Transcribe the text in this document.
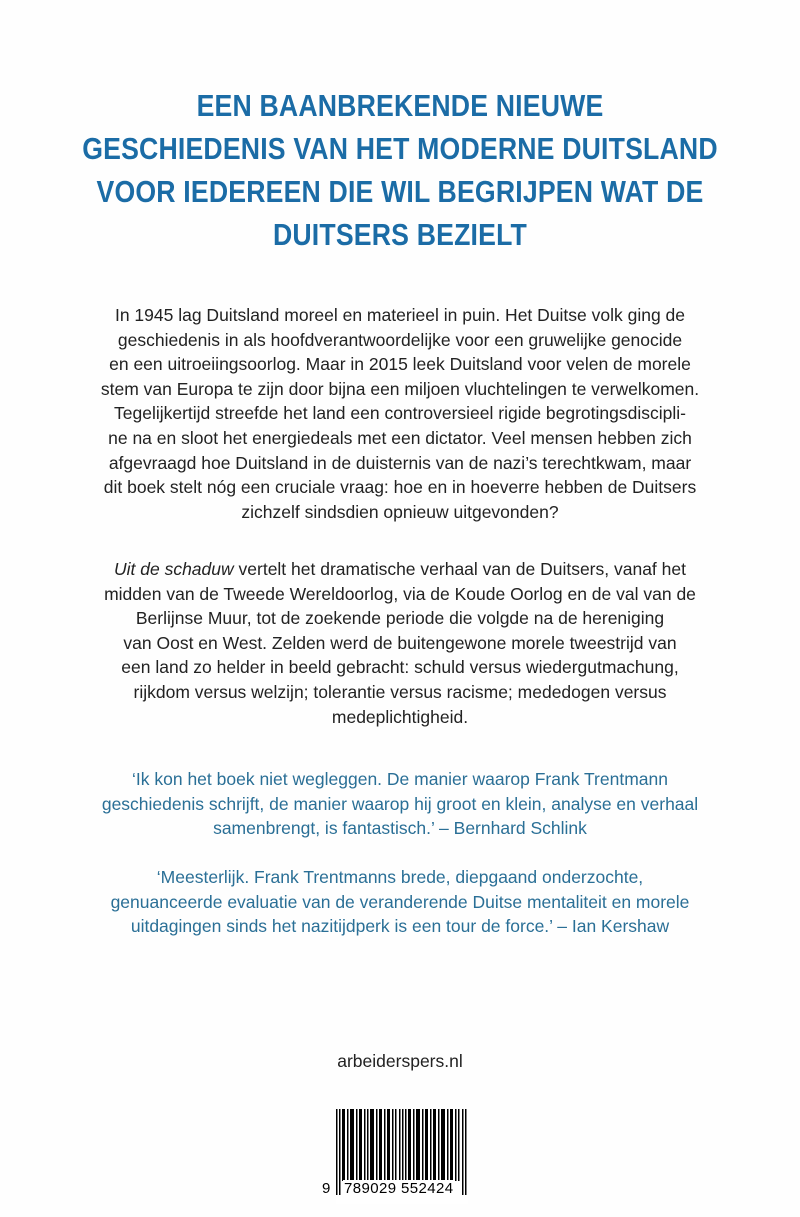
EEN BAANBREKENDE NIEUWE
GESCHIEDENIS VAN HET MODERNE DUITSLAND
VOOR IEDEREEN DIE WIL BEGRIJPEN WAT DE
DUITSERS BEZIELT
In 1945 lag Duitsland moreel en materieel in puin. Het Duitse volk ging de
geschiedenis in als hoofdverantwoordelijke voor een gruwelijke genocide
en een uitroeiingsoorlog. Maar in 2015 leek Duitsland voor velen de morele
stem van Europa te zijn door bijna een miljoen vluchtelingen te verwelkomen.
Tegelijkertijd streefde het land een controversieel rigide begrotingsdiscipli-
ne na en sloot het energiedeals met een dictator. Veel mensen hebben zich
afgevraagd hoe Duitsland in de duisternis van de nazi’s terechtkwam, maar
dit boek stelt nóg een cruciale vraag: hoe en in hoeverre hebben de Duitsers
zichzelf sindsdien opnieuw uitgevonden?
Uit de schaduw vertelt het dramatische verhaal van de Duitsers, vanaf het
midden van de Tweede Wereldoorlog, via de Koude Oorlog en de val van de
Berlijnse Muur, tot de zoekende periode die volgde na de hereniging
van Oost en West. Zelden werd de buitengewone morele tweestrijd van
een land zo helder in beeld gebracht: schuld versus wiedergutmachung,
rijkdom versus welzijn; tolerantie versus racisme; mededogen versus
medeplichtigheid.
‘Ik kon het boek niet wegleggen. De manier waarop Frank Trentmann
geschiedenis schrijft, de manier waarop hij groot en klein, analyse en verhaal
samenbrengt, is fantastisch.’ – Bernhard Schlink
‘Meesterlijk. Frank Trentmanns brede, diepgaand onderzochte,
genuanceerde evaluatie van de veranderende Duitse mentaliteit en morele
uitdagingen sinds het nazitijdperk is een tour de force.’ – Ian Kershaw
arbeiderspers.nl
9 789029 552424
